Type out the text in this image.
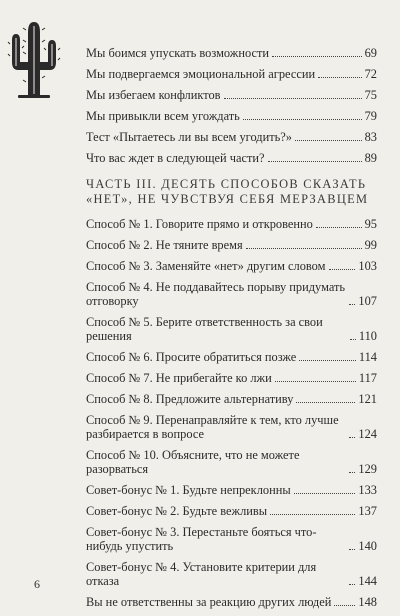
Мы боимся упускать возможности	69
Мы подвергаемся эмоциональной агрессии	72
Мы избегаем конфликтов	75
Мы привыкли всем угождать	79
Тест «Пытаетесь ли вы всем угодить?»	83
Что вас ждет в следующей части?	89
ЧАСТЬ III. ДЕСЯТЬ СПОСОБОВ СКАЗАТЬ
«НЕТ», НЕ ЧУВСТВУЯ СЕБЯ МЕРЗАВЦЕМ
Способ № 1. Говорите прямо и откровенно	95
Способ № 2. Не тяните время	99
Способ № 3. Заменяйте «нет» другим словом	103
Способ № 4. Не поддавайтесь порыву придумать отговорку	107
Способ № 5. Берите ответственность за свои решения	110
Способ № 6. Просите обратиться позже	114
Способ № 7. Не прибегайте ко лжи	117
Способ № 8. Предложите альтернативу	121
Способ № 9. Перенаправляйте к тем, кто лучше разбирается в вопросе	124
Способ № 10. Объясните, что не можете разорваться	129
Совет-бонус № 1. Будьте непреклонны	133
Совет-бонус № 2. Будьте вежливы	137
Совет-бонус № 3. Перестаньте бояться что-нибудь упустить	140
Совет-бонус № 4. Установите критерии для отказа	144
Вы не ответственны за реакцию других людей 148
6
